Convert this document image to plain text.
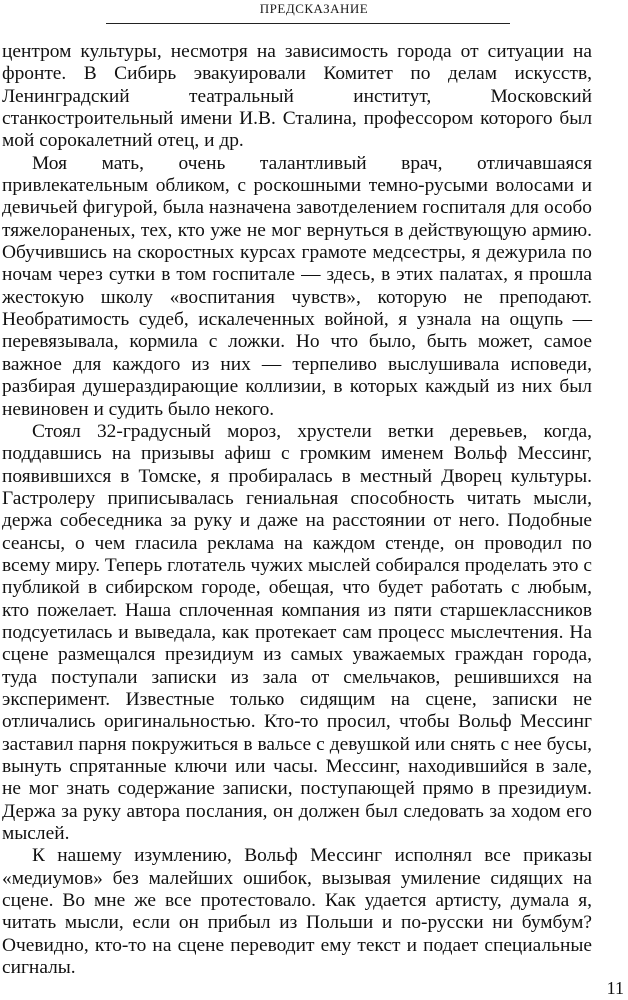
ПРЕДСКАЗАНИЕ

центром культуры, несмотря на зависимость города от ситуации на фронте. В Сибирь эвакуировали Комитет по делам искусств, Ленинградский театральный институт, Московский станкостроительный имени И.В. Сталина, профессором которого был мой сорокалетний отец, и др.

Моя мать, очень талантливый врач, отличавшаяся привлекательным обликом, с роскошными темно-русыми волосами и девичьей фигурой, была назначена завотделением госпиталя для особо тяжелораненых, тех, кто уже не мог вернуться в действующую армию. Обучившись на скоростных курсах грамоте медсестры, я дежурила по ночам через сутки в том госпитале — здесь, в этих палатах, я прошла жестокую школу «воспитания чувств», которую не преподают. Необратимость судеб, искалеченных войной, я узнала на ощупь — перевязывала, кормила с ложки. Но что было, быть может, самое важное для каждого из них — терпеливо выслушивала исповеди, разбирая душераздирающие коллизии, в которых каждый из них был невиновен и судить было некого.

Стоял 32-градусный мороз, хрустели ветки деревьев, когда, поддавшись на призывы афиш с громким именем Вольф Мессинг, появившихся в Томске, я пробиралась в местный Дворец культуры. Гастролеру приписывалась гениальная способность читать мысли, держа собеседника за руку и даже на расстоянии от него. Подобные сеансы, о чем гласила реклама на каждом стенде, он проводил по всему миру. Теперь глотатель чужих мыслей собирался проделать это с публикой в сибирском городе, обещая, что будет работать с любым, кто пожелает. Наша сплоченная компания из пяти старшеклассников подсуетилась и выведала, как протекает сам процесс мыслечтения. На сцене размещался президиум из самых уважаемых граждан города, туда поступали записки из зала от смельчаков, решившихся на эксперимент. Известные только сидящим на сцене, записки не отличались оригинальностью. Кто-то просил, чтобы Вольф Мессинг заставил парня покружиться в вальсе с девушкой или снять с нее бусы, вынуть спрятанные ключи или часы. Мессинг, находившийся в зале, не мог знать содержание записки, поступающей прямо в президиум. Держа за руку автора послания, он должен был следовать за ходом его мыслей.

К нашему изумлению, Вольф Мессинг исполнял все приказы «медиумов» без малейших ошибок, вызывая умиление сидящих на сцене. Во мне же все протестовало. Как удается артисту, думала я, читать мысли, если он прибыл из Польши и по-русски ни бумбум? Очевидно, кто-то на сцене переводит ему текст и подает специальные сигналы.

11
